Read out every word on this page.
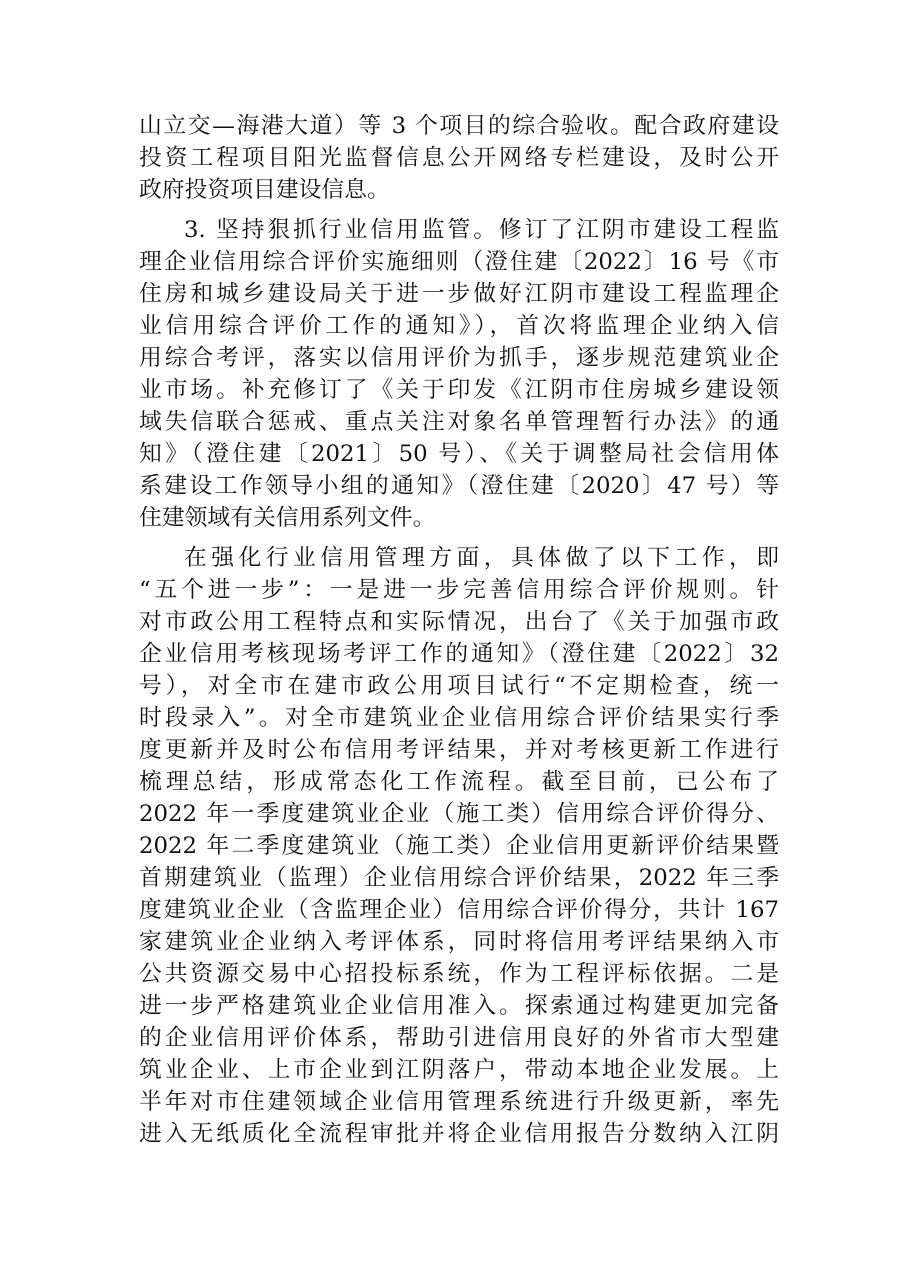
山立交—海港大道）等 3 个项目的综合验收。配合政府建设
投资工程项目阳光监督信息公开网络专栏建设，及时公开
政府投资项目建设信息。
3. 坚持狠抓行业信用监管。修订了江阴市建设工程监
理企业信用综合评价实施细则（澄住建〔2022〕16 号《市
住房和城乡建设局关于进一步做好江阴市建设工程监理企
业信用综合评价工作的通知》），首次将监理企业纳入信
用综合考评，落实以信用评价为抓手，逐步规范建筑业企
业市场。补充修订了《关于印发《江阴市住房城乡建设领
域失信联合惩戒、重点关注对象名单管理暂行办法》的通
知》（澄住建〔2021〕50 号）、《关于调整局社会信用体
系建设工作领导小组的通知》（澄住建〔2020〕47 号）等
住建领域有关信用系列文件。
在强化行业信用管理方面，具体做了以下工作，即
“五个进一步”：一是进一步完善信用综合评价规则。针
对市政公用工程特点和实际情况，出台了《关于加强市政
企业信用考核现场考评工作的通知》（澄住建〔2022〕32
号），对全市在建市政公用项目试行“不定期检查，统一
时段录入”。对全市建筑业企业信用综合评价结果实行季
度更新并及时公布信用考评结果，并对考核更新工作进行
梳理总结，形成常态化工作流程。截至目前，已公布了
2022 年一季度建筑业企业（施工类）信用综合评价得分、
2022 年二季度建筑业（施工类）企业信用更新评价结果暨
首期建筑业（监理）企业信用综合评价结果，2022 年三季
度建筑业企业（含监理企业）信用综合评价得分，共计 167
家建筑业企业纳入考评体系，同时将信用考评结果纳入市
公共资源交易中心招投标系统，作为工程评标依据。二是
进一步严格建筑业企业信用准入。探索通过构建更加完备
的企业信用评价体系，帮助引进信用良好的外省市大型建
筑业企业、上市企业到江阴落户，带动本地企业发展。上
半年对市住建领域企业信用管理系统进行升级更新，率先
进入无纸质化全流程审批并将企业信用报告分数纳入江阴
